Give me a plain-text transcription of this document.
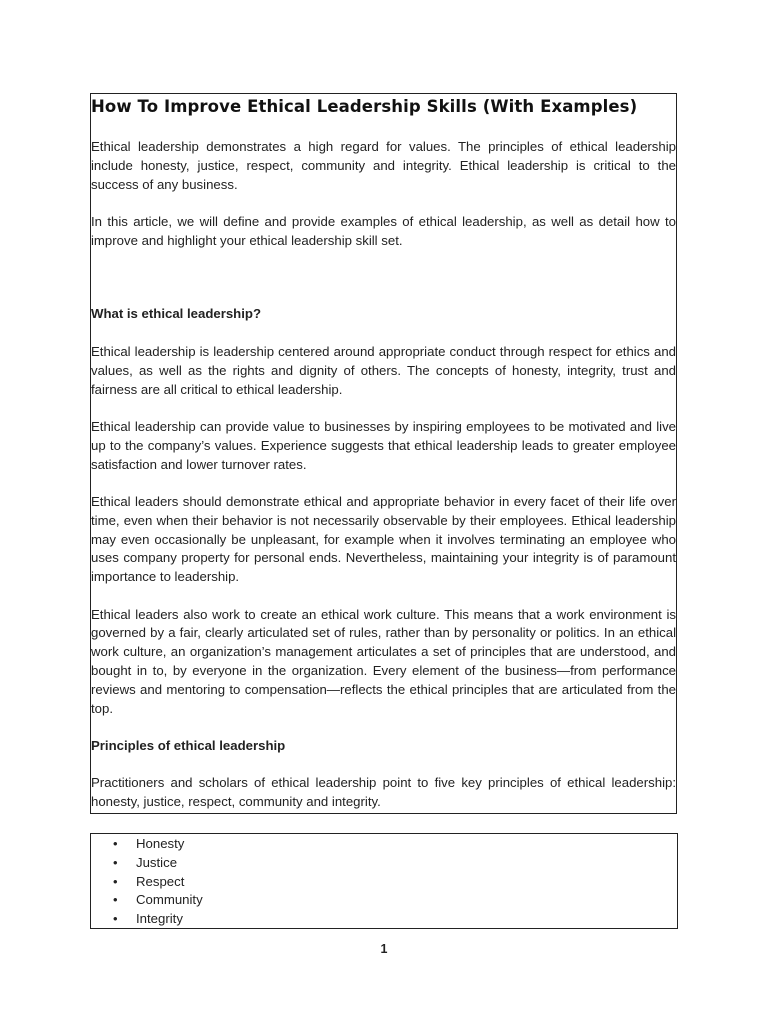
How To Improve Ethical Leadership Skills (With Examples)

Ethical leadership demonstrates a high regard for values. The principles of ethical leadership include honesty, justice, respect, community and integrity. Ethical leadership is critical to the success of any business.

In this article, we will define and provide examples of ethical leadership, as well as detail how to improve and highlight your ethical leadership skill set.

What is ethical leadership?

Ethical leadership is leadership centered around appropriate conduct through respect for ethics and values, as well as the rights and dignity of others. The concepts of honesty, integrity, trust and fairness are all critical to ethical leadership.

Ethical leadership can provide value to businesses by inspiring employees to be motivated and live up to the company’s values. Experience suggests that ethical leadership leads to greater employee satisfaction and lower turnover rates.

Ethical leaders should demonstrate ethical and appropriate behavior in every facet of their life over time, even when their behavior is not necessarily observable by their employees. Ethical leadership may even occasionally be unpleasant, for example when it involves terminating an employee who uses company property for personal ends. Nevertheless, maintaining your integrity is of paramount importance to leadership.

Ethical leaders also work to create an ethical work culture. This means that a work environment is governed by a fair, clearly articulated set of rules, rather than by personality or politics. In an ethical work culture, an organization’s management articulates a set of principles that are understood, and bought in to, by everyone in the organization. Every element of the business—from performance reviews and mentoring to compensation—reflects the ethical principles that are articulated from the top.

Principles of ethical leadership

Practitioners and scholars of ethical leadership point to five key principles of ethical leadership: honesty, justice, respect, community and integrity.

• Honesty
• Justice
• Respect
• Community
• Integrity
1
